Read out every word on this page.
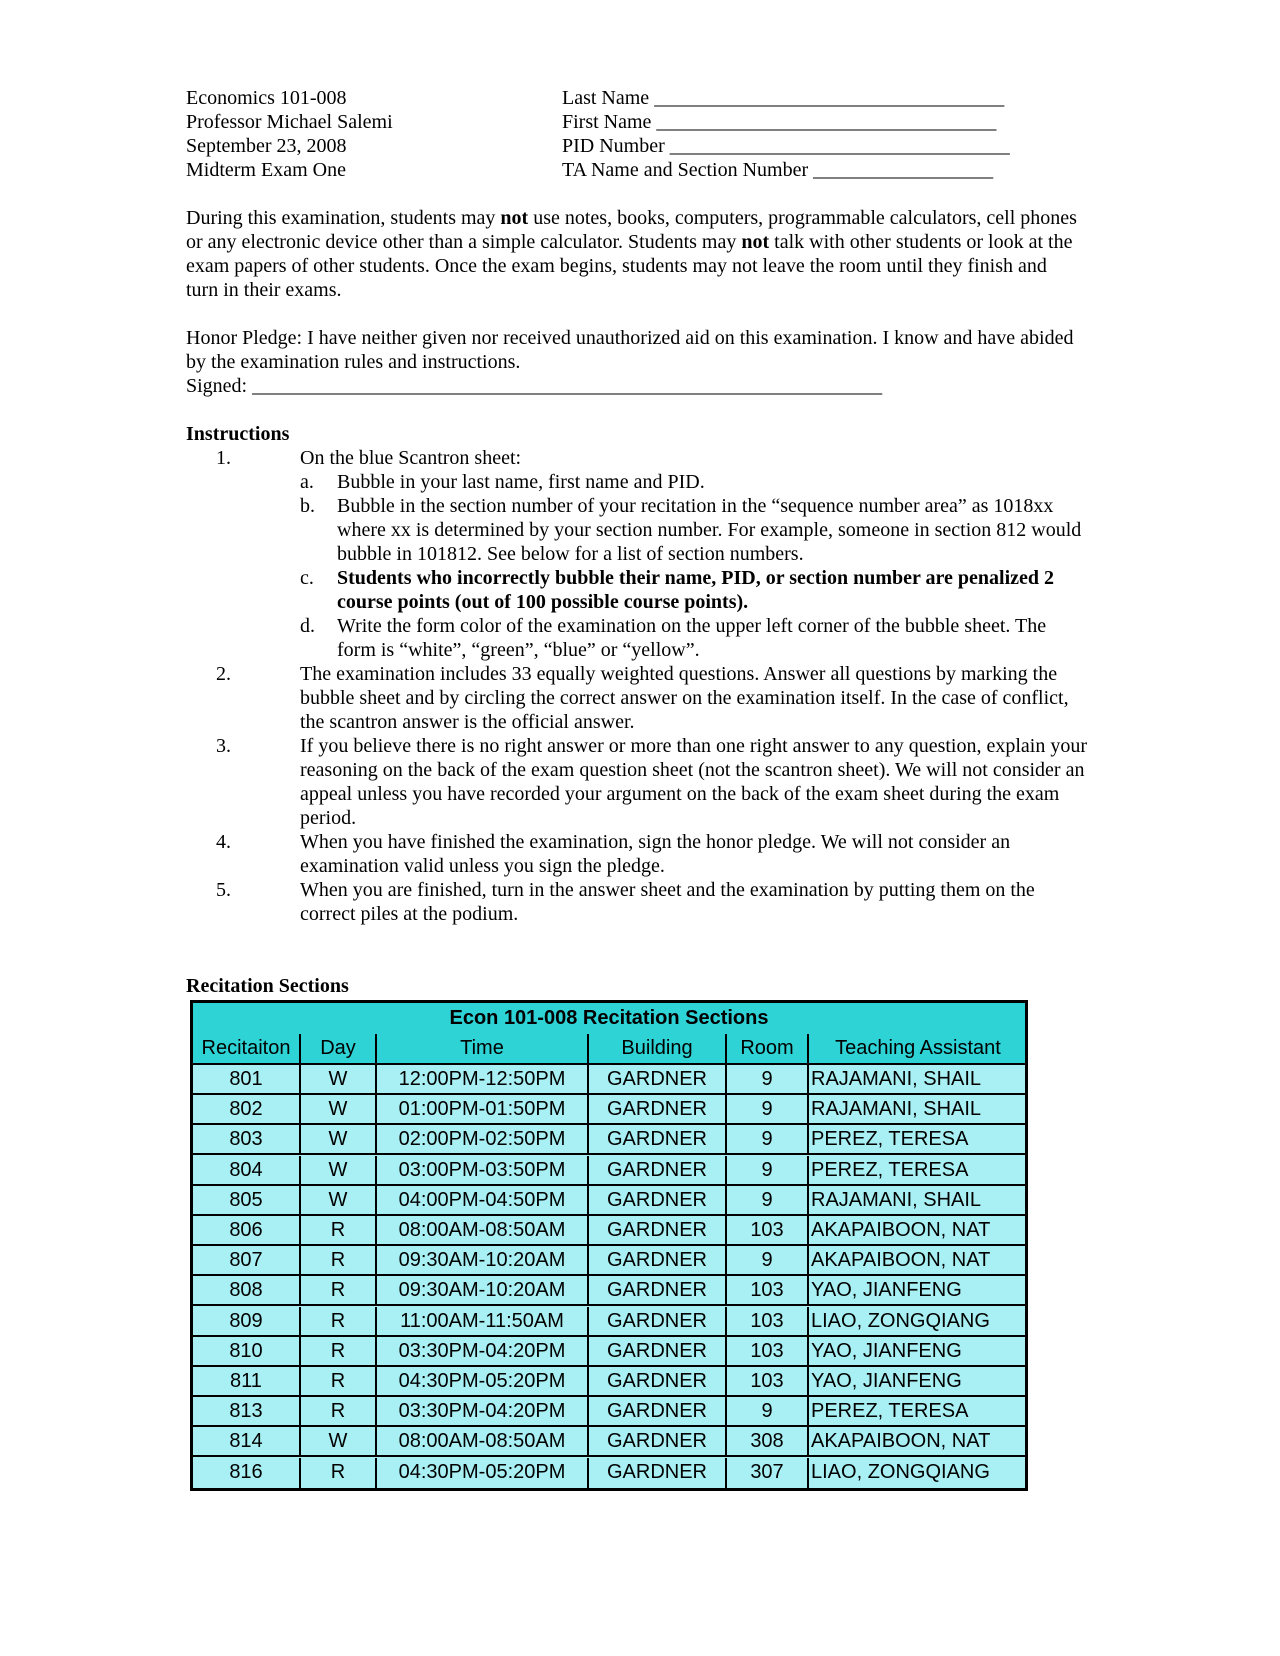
Economics 101-008
Professor Michael Salemi
September 23, 2008
Midterm Exam One
Last Name ___________________________________
First Name __________________________________
PID Number __________________________________
TA Name and Section Number __________________
During this examination, students may not use notes, books, computers, programmable calculators, cell phones
or any electronic device other than a simple calculator. Students may not talk with other students or look at the
exam papers of other students. Once the exam begins, students may not leave the room until they finish and
turn in their exams.
Honor Pledge: I have neither given nor received unauthorized aid on this examination. I know and have abided
by the examination rules and instructions.
Signed: _______________________________________________________________
Instructions
1.	On the blue Scantron sheet:
a. Bubble in your last name, first name and PID.
b. Bubble in the section number of your recitation in the “sequence number area” as 1018xx
where xx is determined by your section number. For example, someone in section 812 would
bubble in 101812. See below for a list of section numbers.
c. Students who incorrectly bubble their name, PID, or section number are penalized 2
course points (out of 100 possible course points).
d. Write the form color of the examination on the upper left corner of the bubble sheet. The
form is “white”, “green”, “blue” or “yellow”.
2.	The examination includes 33 equally weighted questions. Answer all questions by marking the
bubble sheet and by circling the correct answer on the examination itself. In the case of conflict,
the scantron answer is the official answer.
3.	If you believe there is no right answer or more than one right answer to any question, explain your
reasoning on the back of the exam question sheet (not the scantron sheet). We will not consider an
appeal unless you have recorded your argument on the back of the exam sheet during the exam
period.
4.	When you have finished the examination, sign the honor pledge. We will not consider an
examination valid unless you sign the pledge.
5.	When you are finished, turn in the answer sheet and the examination by putting them on the
correct piles at the podium.
Recitation Sections
Econ 101-008 Recitation Sections
Recitaiton	Day	Time	Building	Room	Teaching Assistant
801	W	12:00PM-12:50PM	GARDNER	9	RAJAMANI, SHAIL
802	W	01:00PM-01:50PM	GARDNER	9	RAJAMANI, SHAIL
803	W	02:00PM-02:50PM	GARDNER	9	PEREZ, TERESA
804	W	03:00PM-03:50PM	GARDNER	9	PEREZ, TERESA
805	W	04:00PM-04:50PM	GARDNER	9	RAJAMANI, SHAIL
806	R	08:00AM-08:50AM	GARDNER	103	AKAPAIBOON, NAT
807	R	09:30AM-10:20AM	GARDNER	9	AKAPAIBOON, NAT
808	R	09:30AM-10:20AM	GARDNER	103	YAO, JIANFENG
809	R	11:00AM-11:50AM	GARDNER	103	LIAO, ZONGQIANG
810	R	03:30PM-04:20PM	GARDNER	103	YAO, JIANFENG
811	R	04:30PM-05:20PM	GARDNER	103	YAO, JIANFENG
813	R	03:30PM-04:20PM	GARDNER	9	PEREZ, TERESA
814	W	08:00AM-08:50AM	GARDNER	308	AKAPAIBOON, NAT
816	R	04:30PM-05:20PM	GARDNER	307	LIAO, ZONGQIANG
